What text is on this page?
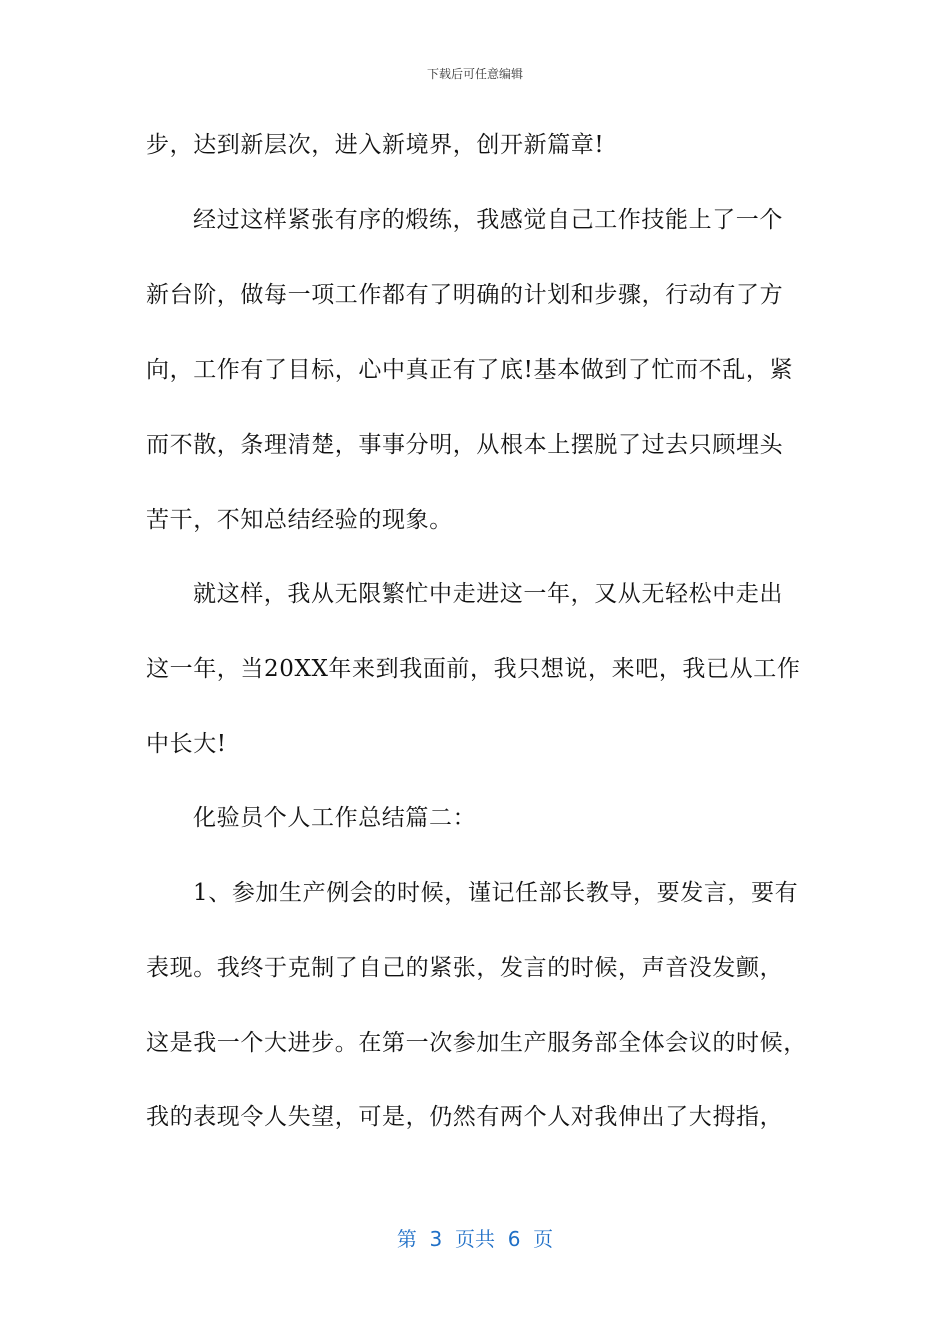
下载后可任意编辑
步，达到新层次，进入新境界，创开新篇章!
经过这样紧张有序的煅练，我感觉自己工作技能上了一个
新台阶，做每一项工作都有了明确的计划和步骤，行动有了方
向，工作有了目标，心中真正有了底!基本做到了忙而不乱，紧
而不散，条理清楚，事事分明，从根本上摆脱了过去只顾埋头
苦干，不知总结经验的现象。
就这样，我从无限繁忙中走进这一年，又从无轻松中走出
这一年，当20XX年来到我面前，我只想说，来吧，我已从工作
中长大!
化验员个人工作总结篇二：
1、参加生产例会的时候，谨记任部长教导，要发言，要有
表现。我终于克制了自己的紧张，发言的时候，声音没发颤，
这是我一个大进步。在第一次参加生产服务部全体会议的时候，
我的表现令人失望，可是，仍然有两个人对我伸出了大拇指，
第  3  页共  6  页
